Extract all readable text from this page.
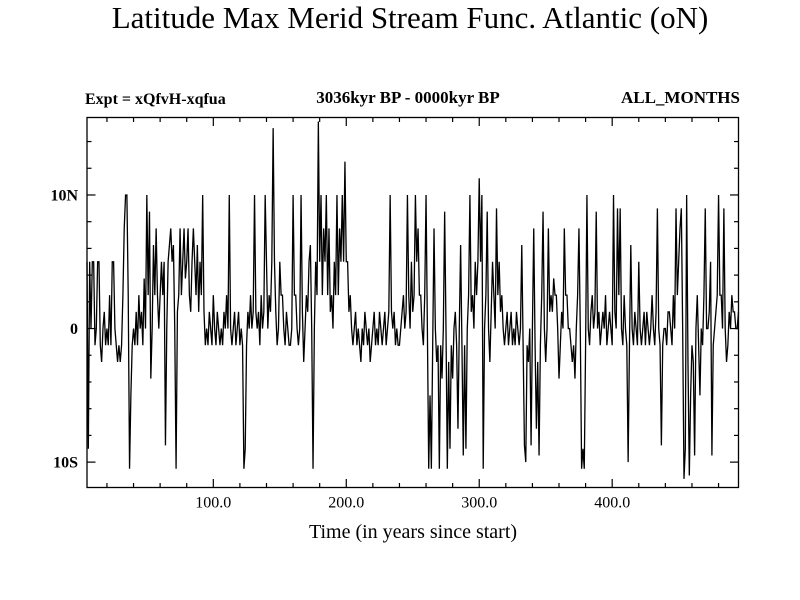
Latitude Max Merid Stream Func. Atlantic (oN)
Expt = xQfvH-xqfua	3036kyr BP - 0000kyr BP	ALL_MONTHS
100.0	200.0	300.0	400.0
10N
0
10S
Time (in years since start)
